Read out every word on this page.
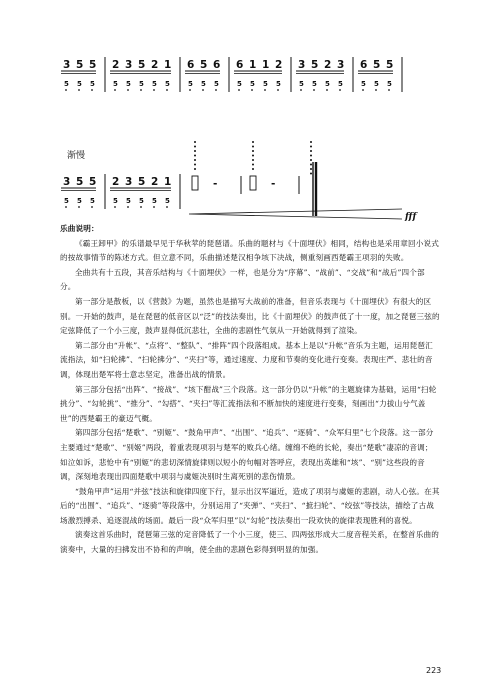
3
5
5
5
5
5
2
5
3
5
5
5
2
5
1
5
6
5
5
5
6
5
6
5
1
5
1
5
2
5
3
5
5
5
2
5
3
5
6
5
5
5
5
5
3
5
5
5
5
5
2
5
3
5
5
5
2
5
1
5
渐慢
fff
-	-

乐曲说明：

《霸王卸甲》的乐谱最早见于华秋苹的琵琶谱。乐曲的题材与《十面埋伏》相同，结构也是采用章回小说式的按故事情节的陈述方式。但立意不同，乐曲描述楚汉相争垓下决战，侧重刻画西楚霸王项羽的失败。

全曲共有十五段，其音乐结构与《十面埋伏》一样，也是分为“序幕”、“战前”、“交战”和“战后”四个部分。

第一部分是散板，以《营鼓》为题，虽然也是描写大战前的准备，但音乐表现与《十面埋伏》有很大的区别。一开始的鼓声，是在琵琶的低音区以“泛”的技法奏出，比《十面埋伏》的鼓声低了十一度，加之琵琶三弦的定弦降低了一个小三度，鼓声显得低沉悲壮，全曲的悲剧性气氛从一开始就得到了渲染。

第二部分由“升帐”、“点将”、“整队”、“排阵”四个段落组成。基本上是以“升帐”音乐为主题，运用琵琶汇流指法，如“扫轮拂”、“扫轮拂分”、“夹扫”等，通过速度、力度和节奏的变化进行变奏。表现庄严、悲壮的音调，体现出楚军将士意志坚定，准备出战的情景。

第三部分包括“出阵”、“接战”、“垓下酣战”三个段落。这一部分仍以“升帐”的主题旋律为基础，运用“扫轮挑分”、“勾轮挑”、“推分”、“勾搭”、“夹扫”等汇流指法和不断加快的速度进行变奏，刻画出“力拔山兮气盖世”的西楚霸王的豪迈气概。

第四部分包括“楚歌”、“别姬”、“鼓角甲声”、“出围”、“追兵”、“逐骑”、“众军归里”七个段落。这一部分主要通过“楚歌”、“别姬”两段，着重表现项羽与楚军的败兵心绪。缠绵不绝的长轮，奏出“楚歌”凄凉的音调；如泣如诉，悲怆中有“别姬”的悲切深情旋律则以短小的句幅对答呼应，表现出英雄和“垓”、“别”这些段的音调，深刻地表现出四面楚歌中项羽与虞姬决别时生离死别的悲伤情景。

“鼓角甲声”运用“并弦”技法和旋律四度下行，显示出汉军逼近，造成了项羽与虞姬的悲剧，动人心弦。在其后的“出围”、“追兵”、“逐骑”等段落中，分别运用了“夹弹”、“夹扫”、“摭扫轮”、“绞弦”等技法，描绘了古战场激烈搏杀、追逐混战的场面。最后一段“众军归里”以“勾轮”技法奏出一段欢快的旋律表现胜利的喜悦。

演奏这首乐曲时，琵琶第三弦的定音降低了一个小三度，使三、四两弦形成大二度音程关系，在整首乐曲的演奏中，大量的扫拂发出不协和的声响，使全曲的悲剧色彩得到明显的加强。

223
